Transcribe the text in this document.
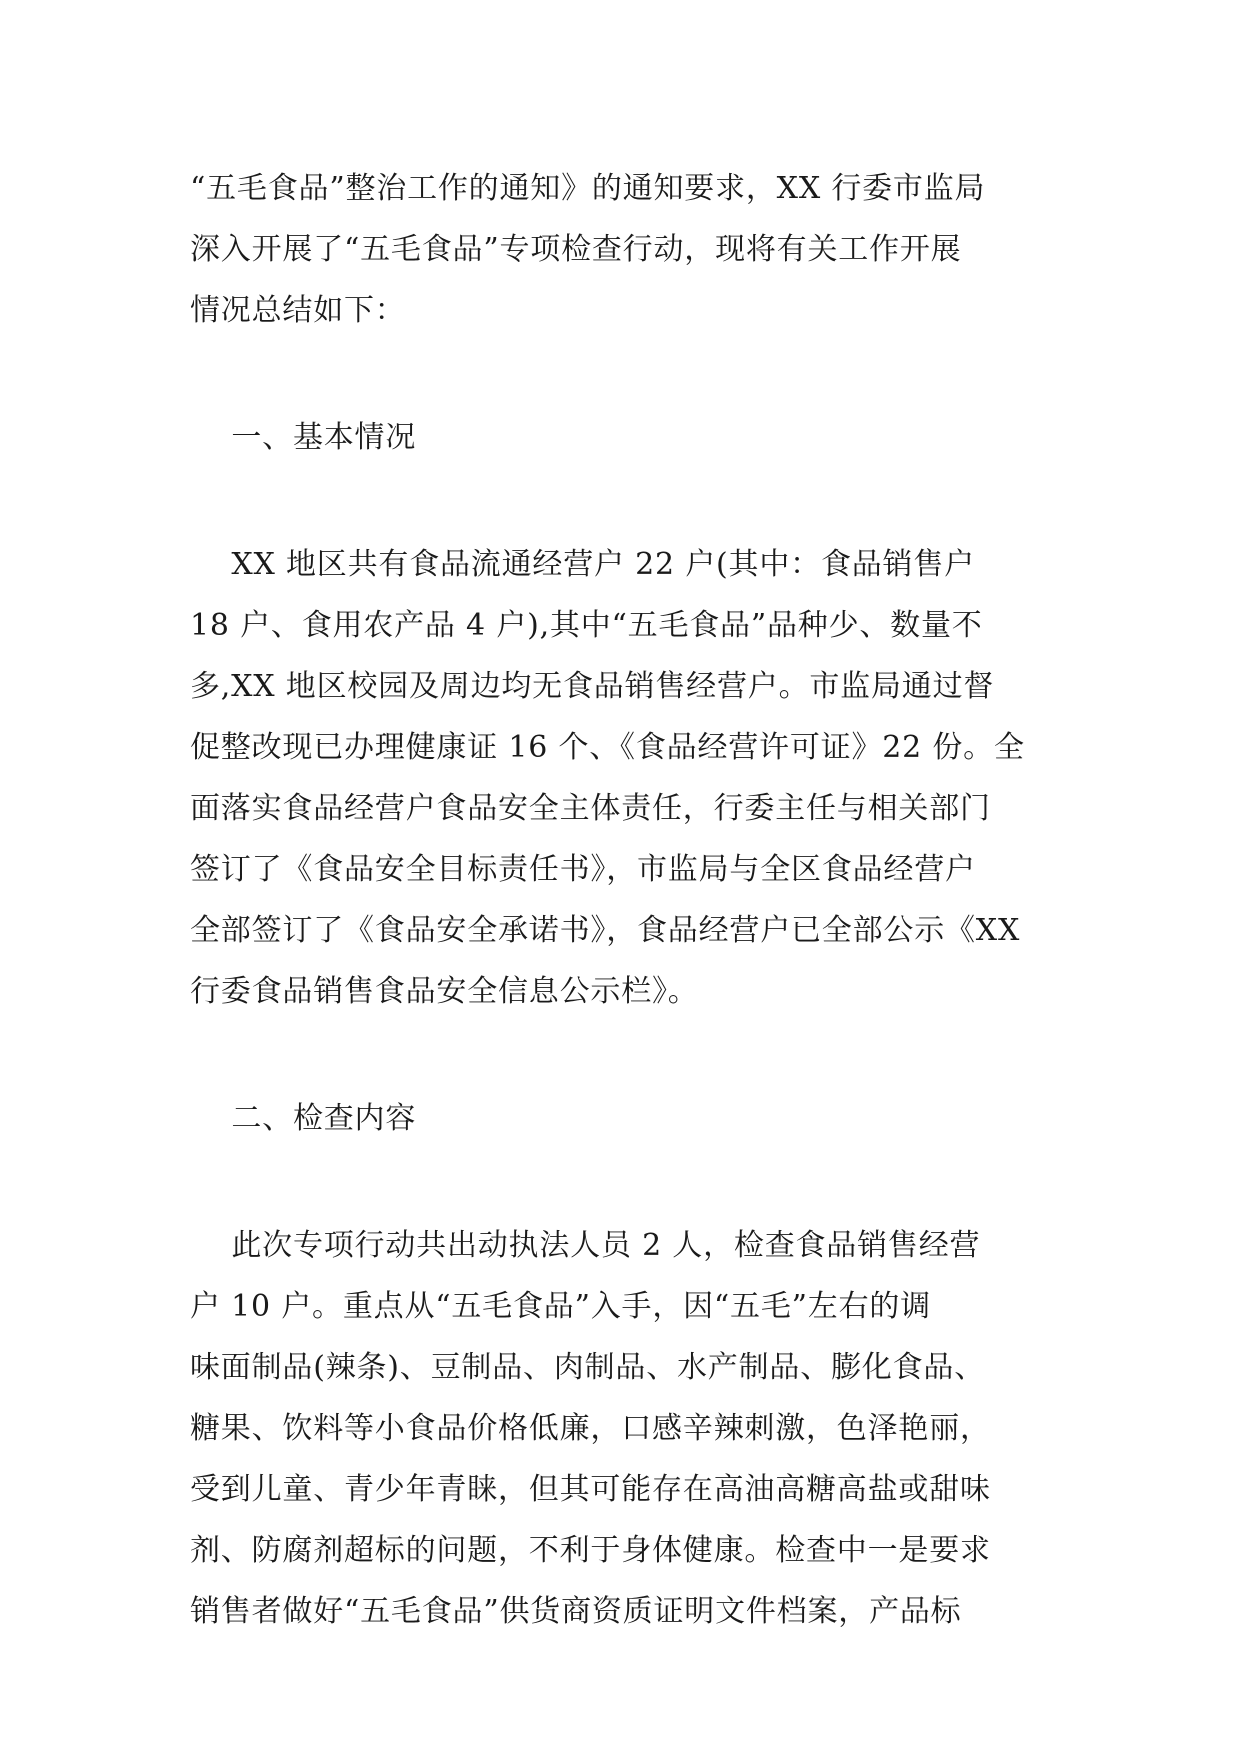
“五毛食品”整治工作的通知》的通知要求，XX 行委市监局
深入开展了“五毛食品”专项检查行动，现将有关工作开展
情况总结如下：
一、基本情况
XX 地区共有食品流通经营户 22 户(其中：食品销售户
18 户、食用农产品 4 户),其中“五毛食品”品种少、数量不
多,XX 地区校园及周边均无食品销售经营户。市监局通过督
促整改现已办理健康证 16 个、《食品经营许可证》22 份。全
面落实食品经营户食品安全主体责任，行委主任与相关部门
签订了《食品安全目标责任书》，市监局与全区食品经营户
全部签订了《食品安全承诺书》，食品经营户已全部公示《XX
行委食品销售食品安全信息公示栏》。
二、检查内容
此次专项行动共出动执法人员 2 人，检查食品销售经营
户 10 户。重点从“五毛食品”入手，因“五毛”左右的调
味面制品(辣条)、豆制品、肉制品、水产制品、膨化食品、
糖果、饮料等小食品价格低廉，口感辛辣刺激，色泽艳丽，
受到儿童、青少年青睐，但其可能存在高油高糖高盐或甜味
剂、防腐剂超标的问题，不利于身体健康。检查中一是要求
销售者做好“五毛食品”供货商资质证明文件档案，产品标
